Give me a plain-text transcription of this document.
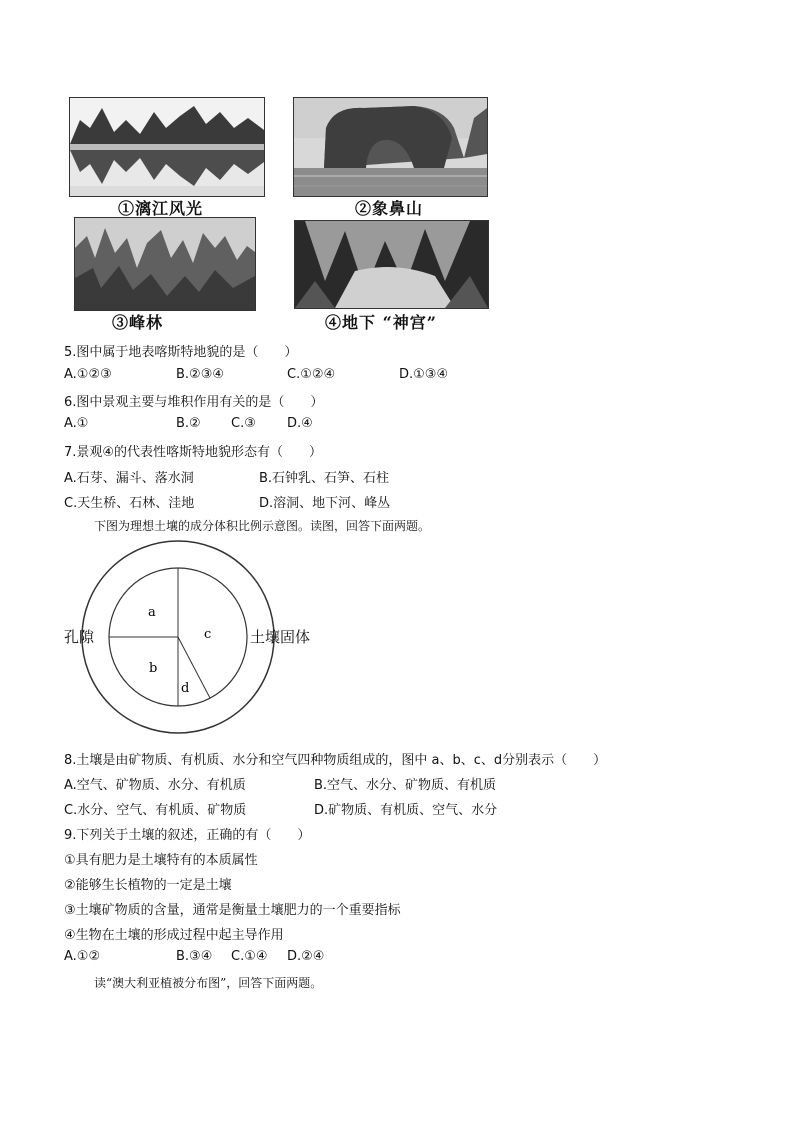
①漓江风光	②象鼻山
③峰林	④地下 “神宫”
5.图中属于地表喀斯特地貌的是（　　）
A.①②③	B.②③④	C.①②④	D.①③④
6.图中景观主要与堆积作用有关的是（　　）
A.①	B.② C.③ D.④
7.景观④的代表性喀斯特地貌形态有（　　）
A.石芽、漏斗、落水洞	B.石钟乳、石笋、石柱
C.天生桥、石林、洼地	D.溶洞、地下河、峰丛
下图为理想土壤的成分体积比例示意图。读图，回答下面两题。
a
b
c
d
孔隙	土壤固体
8.土壤是由矿物质、有机质、水分和空气四种物质组成的，图中 a、b、c、d分别表示（　　）
A.空气、矿物质、水分、有机质	B.空气、水分、矿物质、有机质
C.水分、空气、有机质、矿物质	D.矿物质、有机质、空气、水分
9.下列关于土壤的叙述，正确的有（　　）
①具有肥力是土壤特有的本质属性
②能够生长植物的一定是土壤
③土壤矿物质的含量，通常是衡量土壤肥力的一个重要指标
④生物在土壤的形成过程中起主导作用
A.①②	B.③④ C.①④ D.②④
读“澳大利亚植被分布图”，回答下面两题。
